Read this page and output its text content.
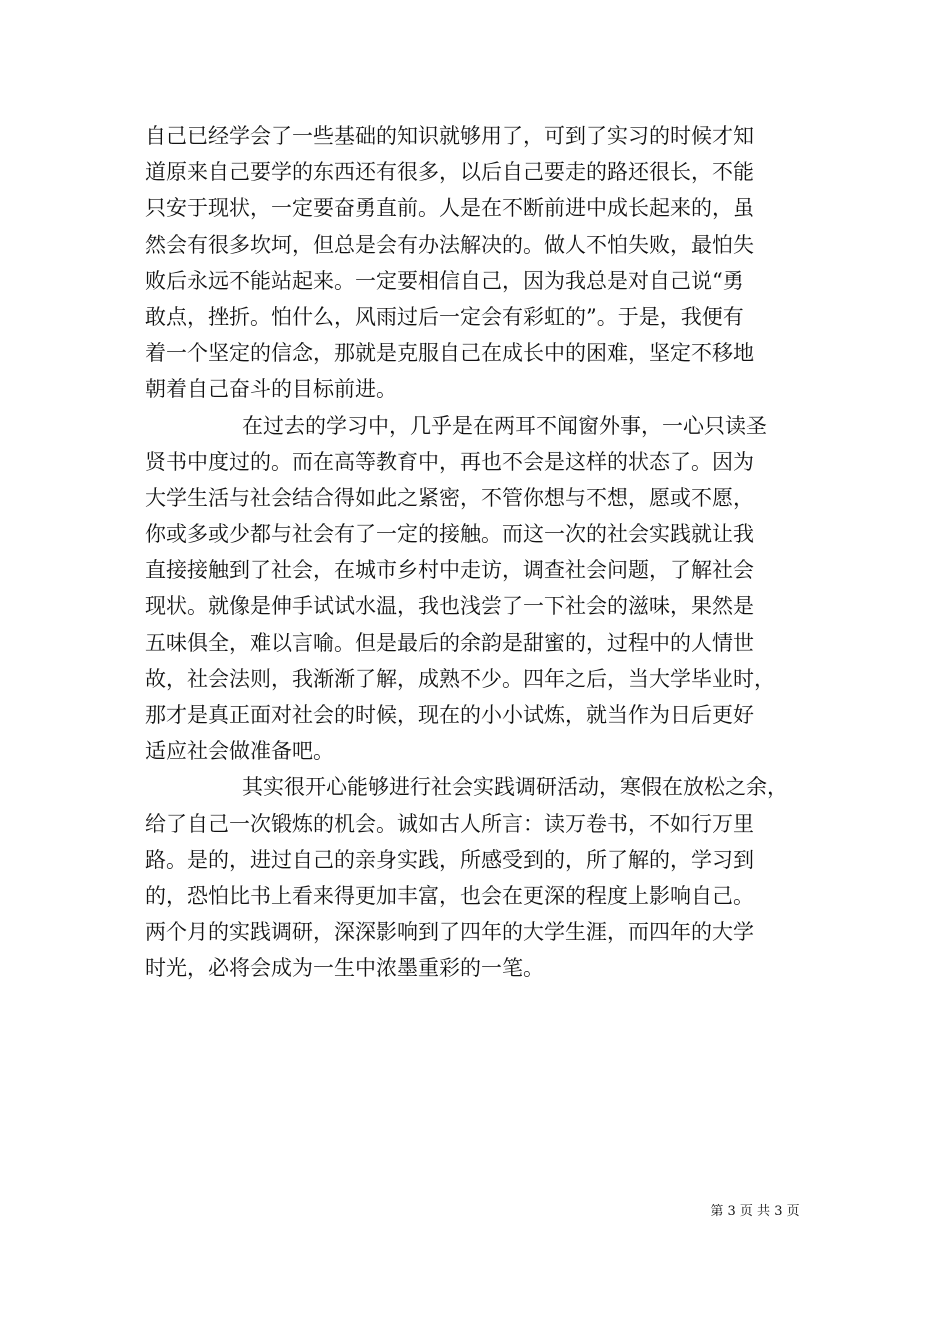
自己已经学会了一些基础的知识就够用了，可到了实习的时候才知
道原来自己要学的东西还有很多，以后自己要走的路还很长，不能
只安于现状，一定要奋勇直前。人是在不断前进中成长起来的，虽
然会有很多坎坷，但总是会有办法解决的。做人不怕失败，最怕失
败后永远不能站起来。一定要相信自己，因为我总是对自己说“勇
敢点，挫折。怕什么，风雨过后一定会有彩虹的”。于是，我便有
着一个坚定的信念，那就是克服自己在成长中的困难，坚定不移地
朝着自己奋斗的目标前进。
在过去的学习中，几乎是在两耳不闻窗外事，一心只读圣
贤书中度过的。而在高等教育中，再也不会是这样的状态了。因为
大学生活与社会结合得如此之紧密，不管你想与不想，愿或不愿，
你或多或少都与社会有了一定的接触。而这一次的社会实践就让我
直接接触到了社会，在城市乡村中走访，调查社会问题，了解社会
现状。就像是伸手试试水温，我也浅尝了一下社会的滋味，果然是
五味俱全，难以言喻。但是最后的余韵是甜蜜的，过程中的人情世
故，社会法则，我渐渐了解，成熟不少。四年之后，当大学毕业时，
那才是真正面对社会的时候，现在的小小试炼，就当作为日后更好
适应社会做准备吧。
其实很开心能够进行社会实践调研活动，寒假在放松之余，
给了自己一次锻炼的机会。诚如古人所言：读万卷书，不如行万里
路。是的，进过自己的亲身实践，所感受到的，所了解的，学习到
的，恐怕比书上看来得更加丰富，也会在更深的程度上影响自己。
两个月的实践调研，深深影响到了四年的大学生涯，而四年的大学
时光，必将会成为一生中浓墨重彩的一笔。
第 3 页 共 3 页
